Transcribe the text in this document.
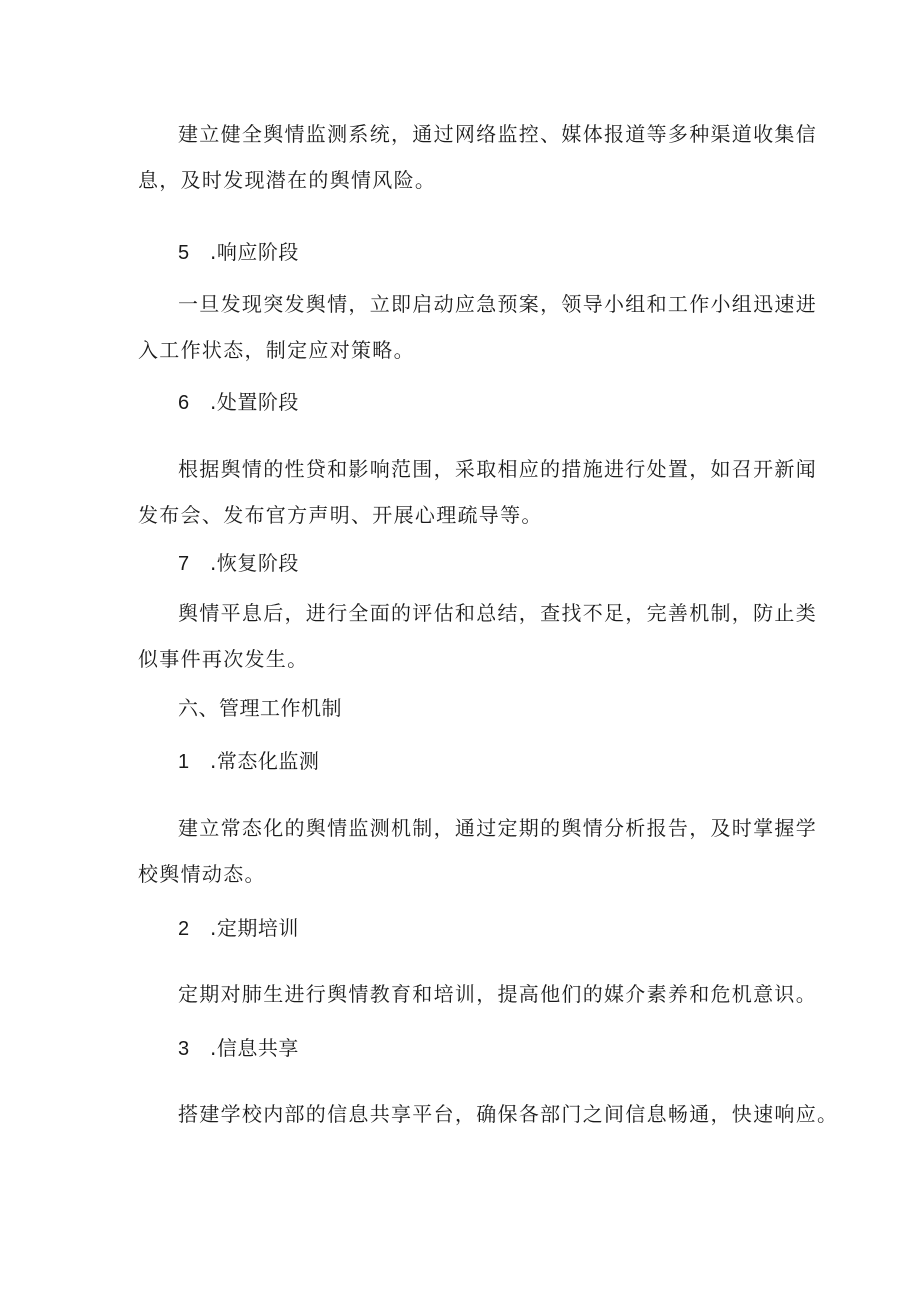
建立健全舆情监测系统，通过网络监控、媒体报道等多种渠道收集信

息，及时发现潜在的舆情风险。

5 .响应阶段

一旦发现突发舆情，立即启动应急预案，领导小组和工作小组迅速进

入工作状态，制定应对策略。

6 .处置阶段

根据舆情的性贷和影响范围，采取相应的措施进行处置，如召开新闻

发布会、发布官方声明、开展心理疏导等。

7 .恢复阶段

舆情平息后，进行全面的评估和总结，查找不足，完善机制，防止类

似事件再次发生。

六、管理工作机制

1 .常态化监测

建立常态化的舆情监测机制，通过定期的舆情分析报告，及时掌握学

校舆情动态。

2 .定期培训

定期对肺生进行舆情教育和培训，提高他们的媒介素养和危机意识。

3 .信息共享

搭建学校内部的信息共享平台，确保各部门之间信息畅通，快速响应。
